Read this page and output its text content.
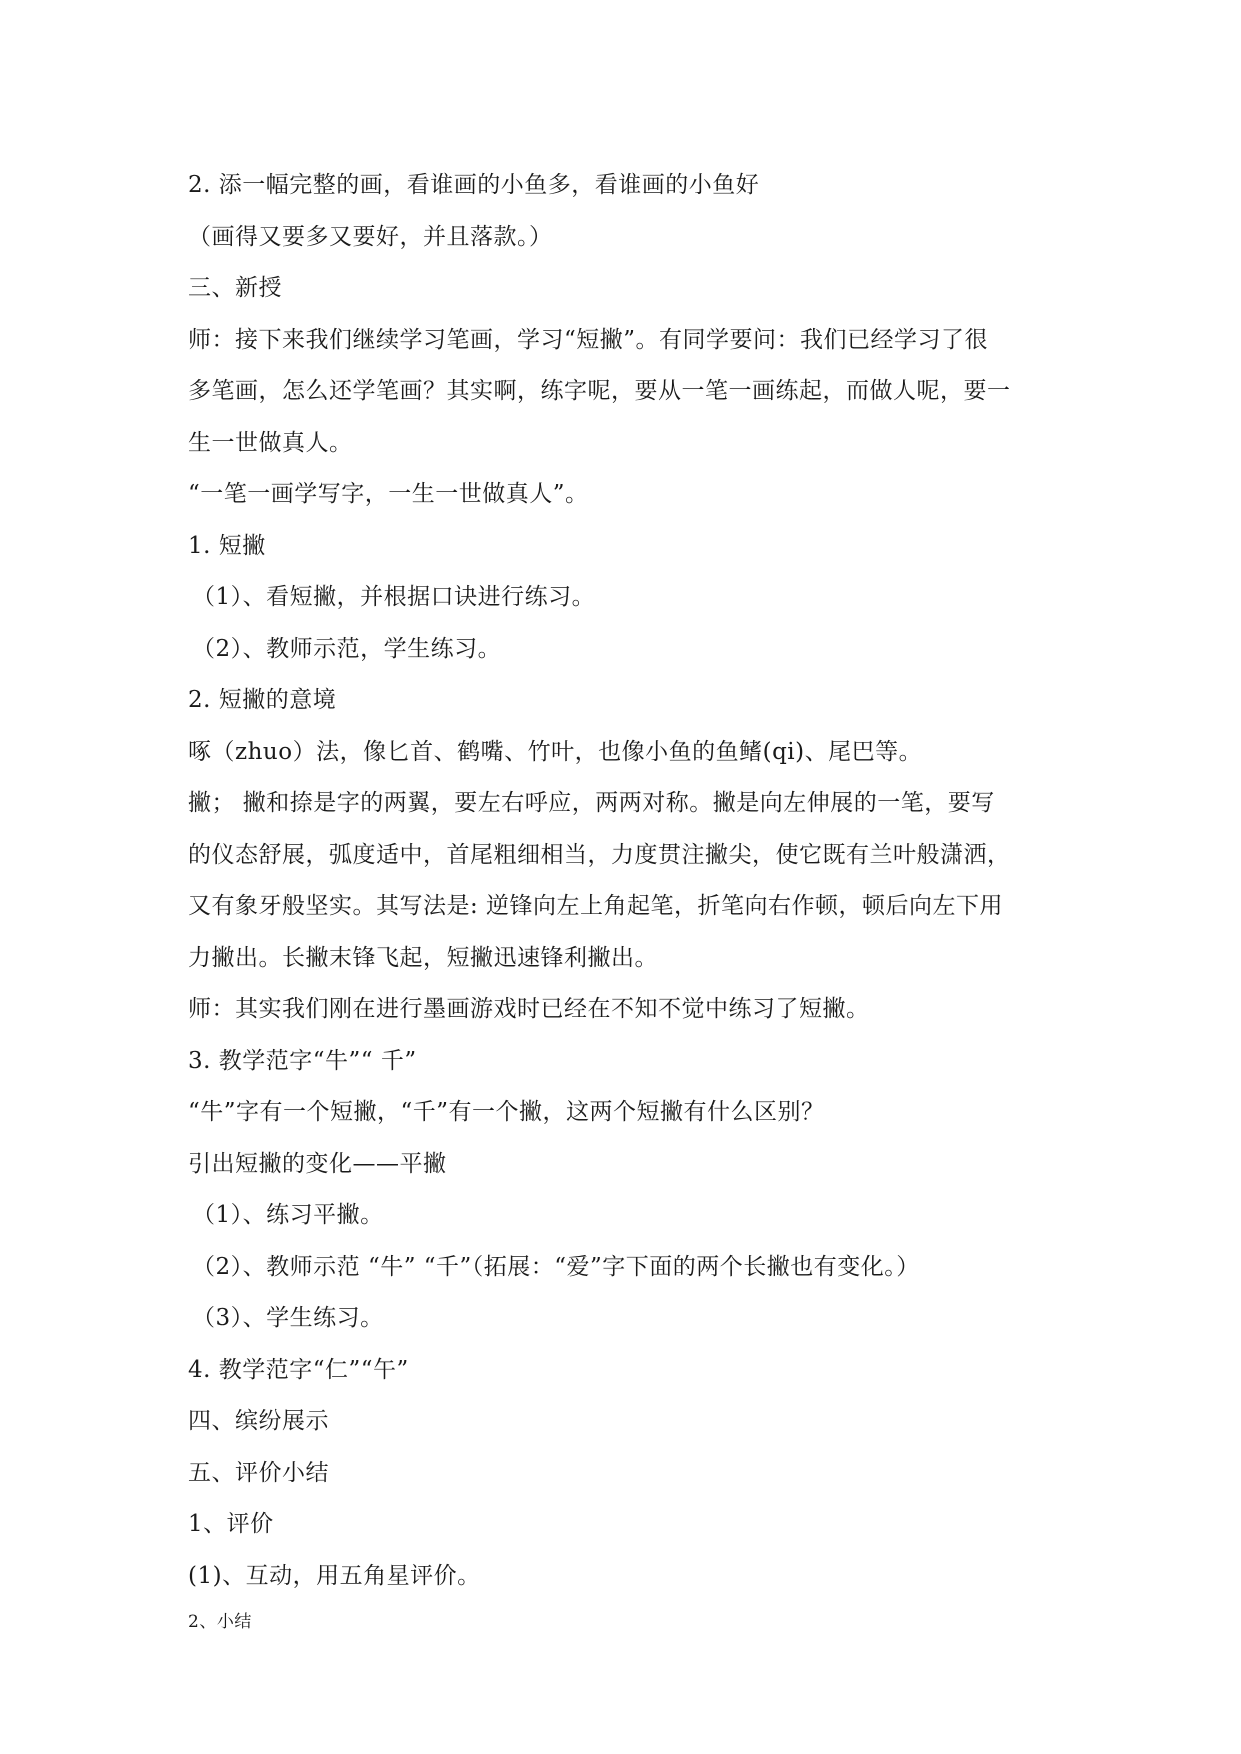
2. 添一幅完整的画，看谁画的小鱼多，看谁画的小鱼好
（画得又要多又要好，并且落款。）
三、新授
师：接下来我们继续学习笔画，学习“短撇”。有同学要问：我们已经学习了很
多笔画，怎么还学笔画？其实啊，练字呢，要从一笔一画练起，而做人呢，要一
生一世做真人。
“一笔一画学写字，一生一世做真人”。
1. 短撇
（1）、看短撇，并根据口诀进行练习。
（2）、教师示范，学生练习。
2. 短撇的意境
啄（zhuo）法，像匕首、鹤嘴、竹叶，也像小鱼的鱼鳍(qi)、尾巴等。
撇； 撇和捺是字的两翼，要左右呼应，两两对称。撇是向左伸展的一笔，要写
的仪态舒展，弧度适中，首尾粗细相当，力度贯注撇尖，使它既有兰叶般潇洒，
又有象牙般坚实。其写法是: 逆锋向左上角起笔，折笔向右作顿，顿后向左下用
力撇出。长撇末锋飞起，短撇迅速锋利撇出。
师：其实我们刚在进行墨画游戏时已经在不知不觉中练习了短撇。
3. 教学范字“牛”“ 千”
“牛”字有一个短撇，“千”有一个撇，这两个短撇有什么区别？
引出短撇的变化——平撇
（1）、练习平撇。
（2）、教师示范 “牛” “千”（拓展：“爱”字下面的两个长撇也有变化。）
（3）、学生练习。
4. 教学范字“仁”“午”
四、缤纷展示
五、评价小结
1、评价
(1)、互动，用五角星评价。
2、小结
